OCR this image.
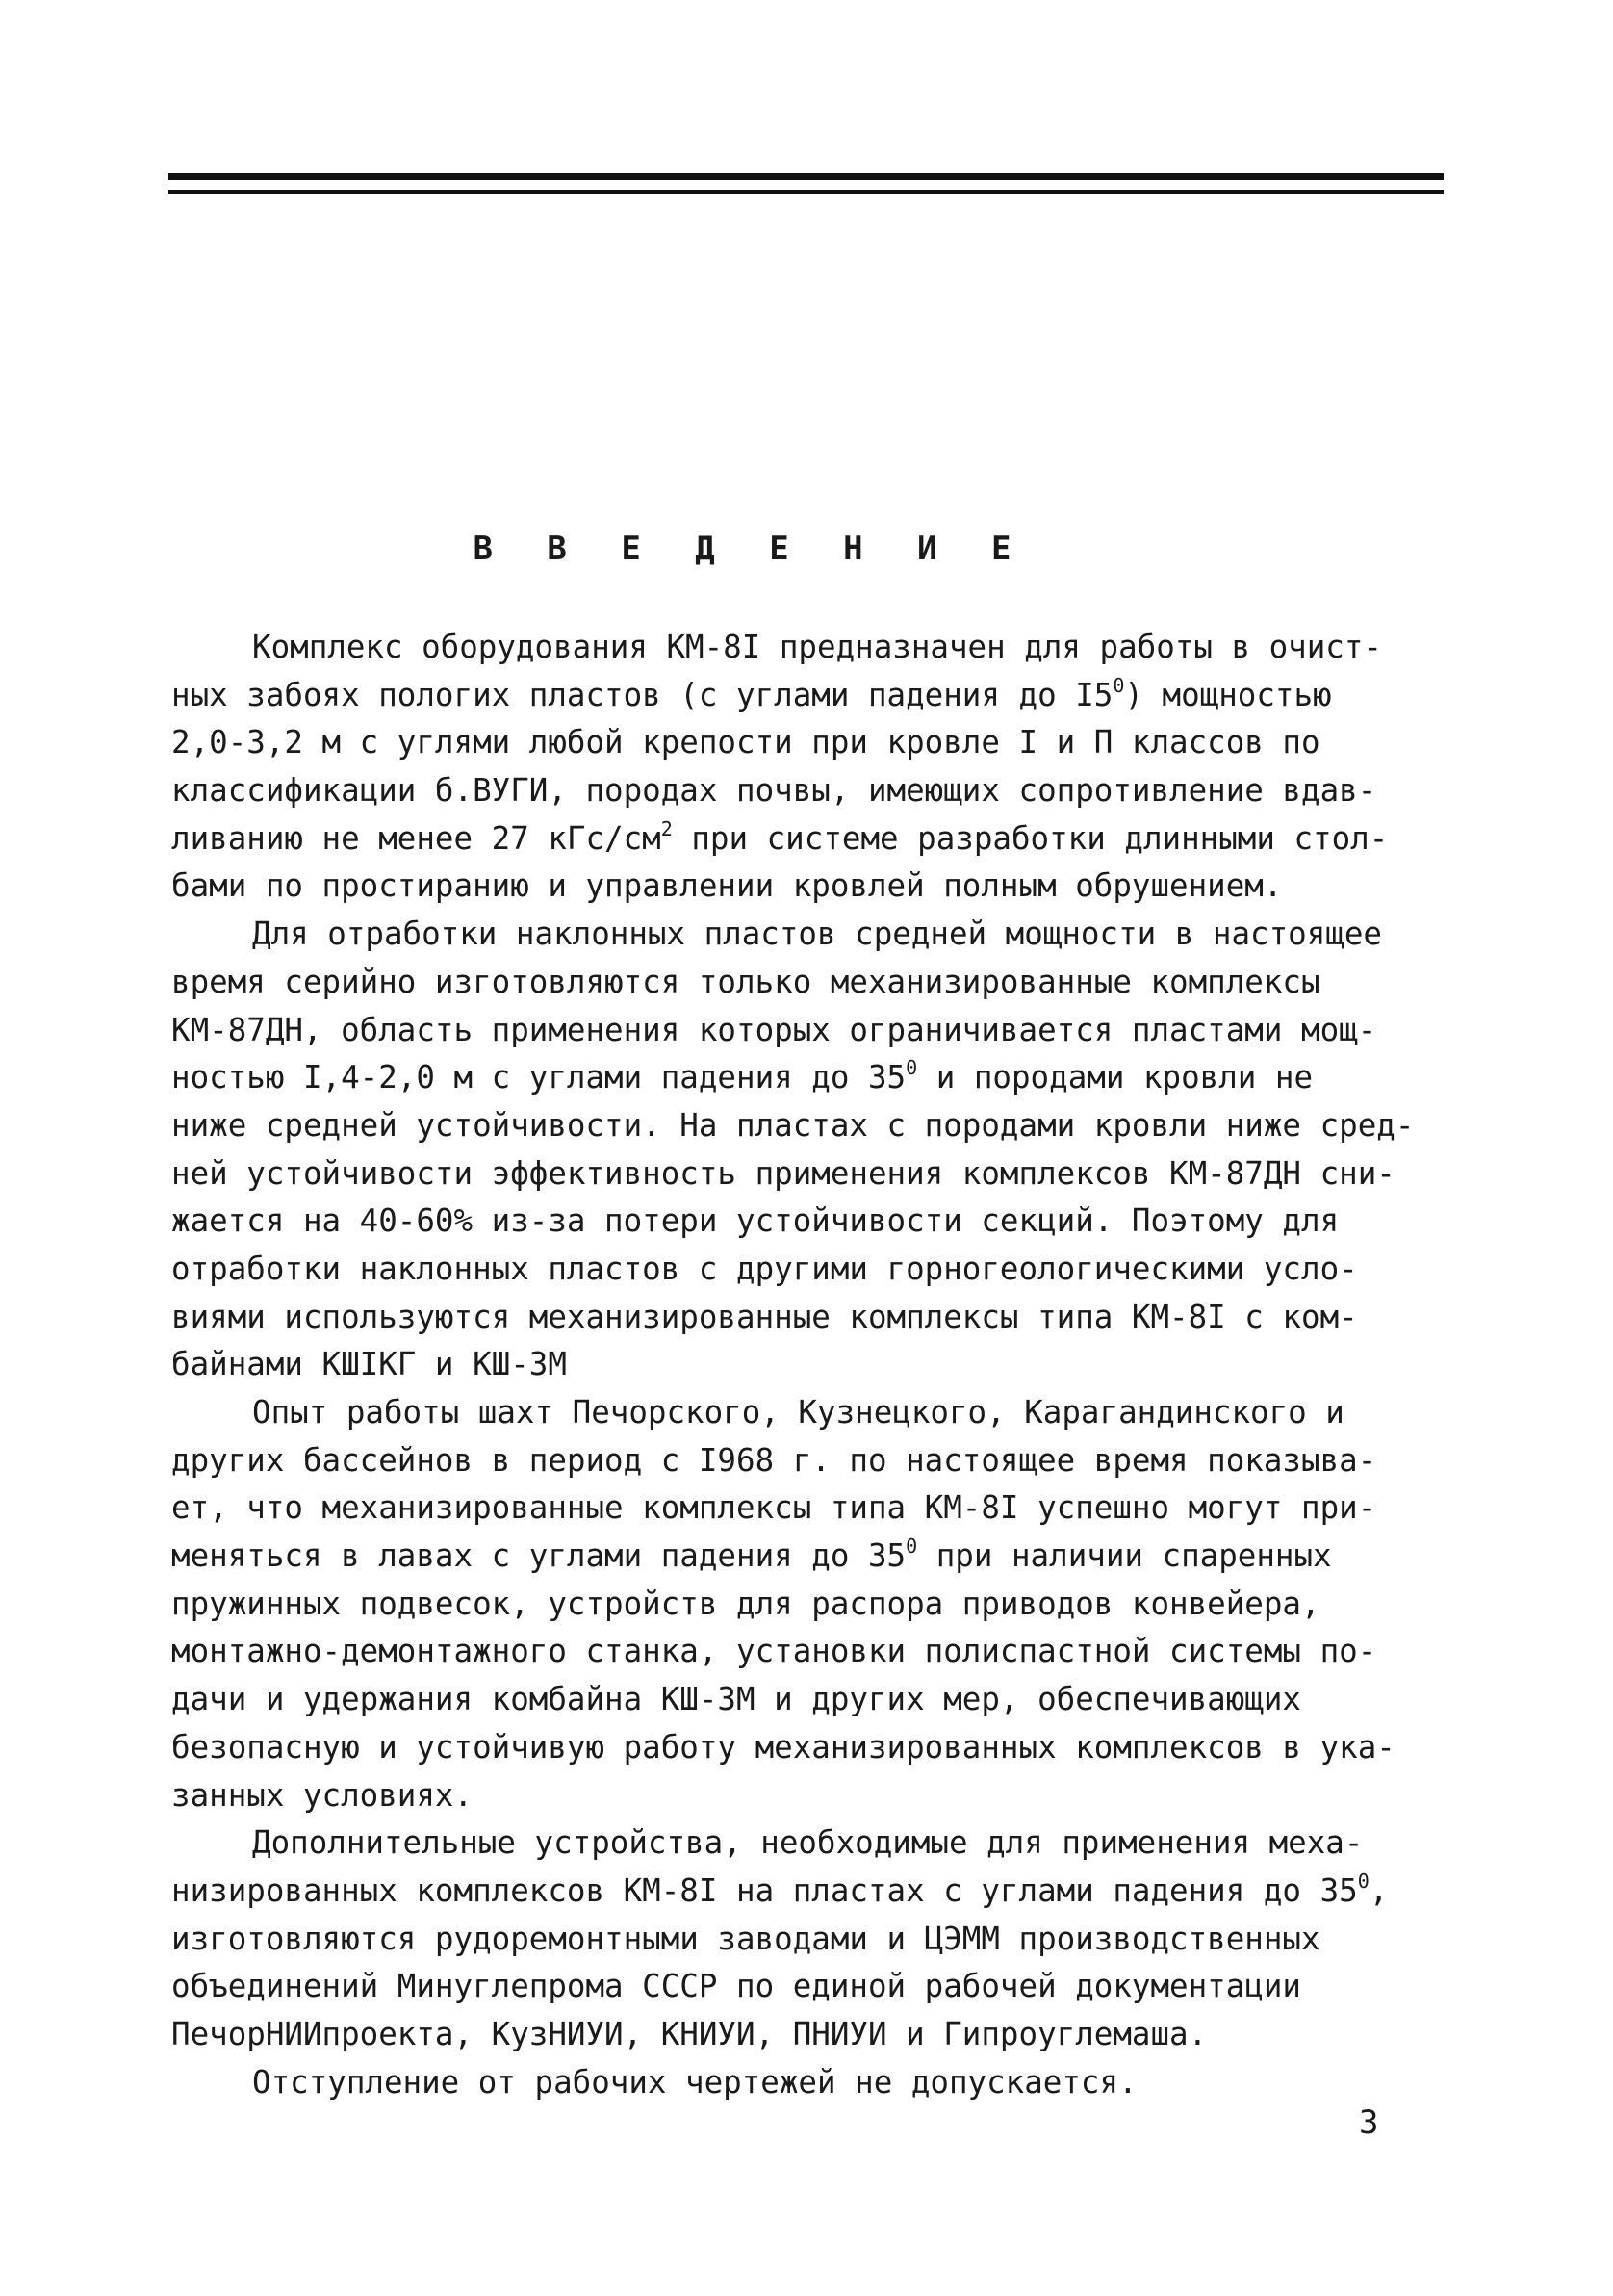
В В Е Д Е Н И Е
Комплекс оборудования КМ-8I предназначен для работы в очист-
ных забоях пологих пластов (с углами падения до $I5^0$) мощностью
2,0-3,2 м с углями любой крепости при кровле I и П классов по
классификации б.ВУГИ, породах почвы, имеющих сопротивление вдав-
ливанию не менее 27 кГс/$см^2$ при системе разработки длинными стол-
бами по простиранию и управлении кровлей полным обрушением.
Для отработки наклонных пластов средней мощности в настоящее
время серийно изготовляются только механизированные комплексы
КМ-87ДН, область применения которых ограничивается пластами мощ-
ностью I,4-2,0 м с углами падения до $35^0$ и породами кровли не
ниже средней устойчивости. На пластах с породами кровли ниже сред-
ней устойчивости эффективность применения комплексов КМ-87ДН сни-
жается на 40-60% из-за потери устойчивости секций. Поэтому для
отработки наклонных пластов с другими горногеологическими усло-
виями используются механизированные комплексы типа КМ-8I с ком-
байнами КШIКГ и КШ-3М
Опыт работы шахт Печорского, Кузнецкого, Карагандинского и
других бассейнов в период с I968 г. по настоящее время показыва-
ет, что механизированные комплексы типа КМ-8I успешно могут при-
меняться в лавах с углами падения до $35^0$ при наличии спаренных
пружинных подвесок, устройств для распора приводов конвейера,
монтажно-демонтажного станка, установки полиспастной системы по-
дачи и удержания комбайна КШ-3М и других мер, обеспечивающих
безопасную и устойчивую работу механизированных комплексов в ука-
занных условиях.
Дополнительные устройства, необходимые для применения меха-
низированных комплексов КМ-8I на пластах с углами падения до $35^0$,
изготовляются рудоремонтными заводами и ЦЭММ производственных
объединений Минуглепрома СССР по единой рабочей документации
ПечорНИИпроекта, КузНИУИ, КНИУИ, ПНИУИ и Гипроуглемаша.
Отступление от рабочих чертежей не допускается.
3
